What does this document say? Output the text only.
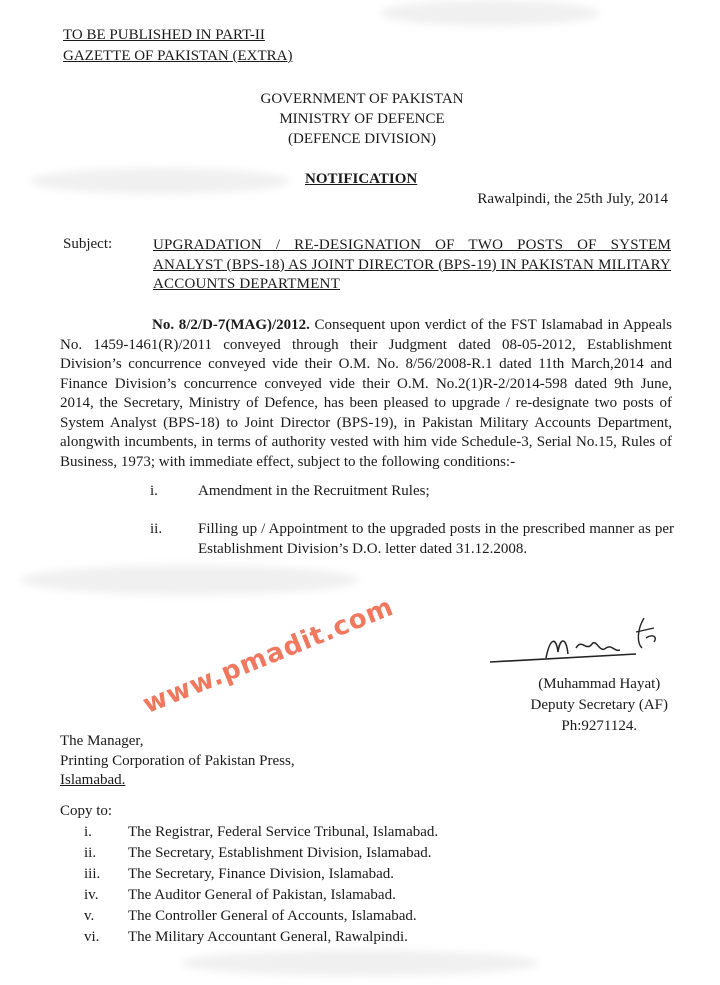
TO BE PUBLISHED IN PART-II
GAZETTE OF PAKISTAN (EXTRA)
GOVERNMENT OF PAKISTAN
MINISTRY OF DEFENCE
(DEFENCE DIVISION)
NOTIFICATION
Rawalpindi, the 25th July, 2014
Subject:	UPGRADATION / RE-DESIGNATION OF TWO POSTS OF SYSTEM ANALYST (BPS-18) AS JOINT DIRECTOR (BPS-19) IN PAKISTAN MILITARY ACCOUNTS DEPARTMENT
No. 8/2/D-7(MAG)/2012. Consequent upon verdict of the FST Islamabad in Appeals No. 1459-1461(R)/2011 conveyed through their Judgment dated 08-05-2012, Establishment Division’s concurrence conveyed vide their O.M. No. 8/56/2008-R.1 dated 11th March,2014 and Finance Division’s concurrence conveyed vide their O.M. No.2(1)R-2/2014-598 dated 9th June, 2014, the Secretary, Ministry of Defence, has been pleased to upgrade / re-designate two posts of System Analyst (BPS-18) to Joint Director (BPS-19), in Pakistan Military Accounts Department, alongwith incumbents, in terms of authority vested with him vide Schedule-3, Serial No.15, Rules of Business, 1973; with immediate effect, subject to the following conditions:-
i.	Amendment in the Recruitment Rules;
ii. Filling up / Appointment to the upgraded posts in the prescribed manner as per Establishment Division’s D.O. letter dated 31.12.2008.
(Muhammad Hayat)
Deputy Secretary (AF)
Ph:9271124.
www.pmadit.com
The Manager,
Printing Corporation of Pakistan Press,
Islamabad.
Copy to:
i. The Registrar, Federal Service Tribunal, Islamabad.
ii. The Secretary, Establishment Division, Islamabad.
iii. The Secretary, Finance Division, Islamabad.
iv. The Auditor General of Pakistan, Islamabad.
v. The Controller General of Accounts, Islamabad.
vi. The Military Accountant General, Rawalpindi.
